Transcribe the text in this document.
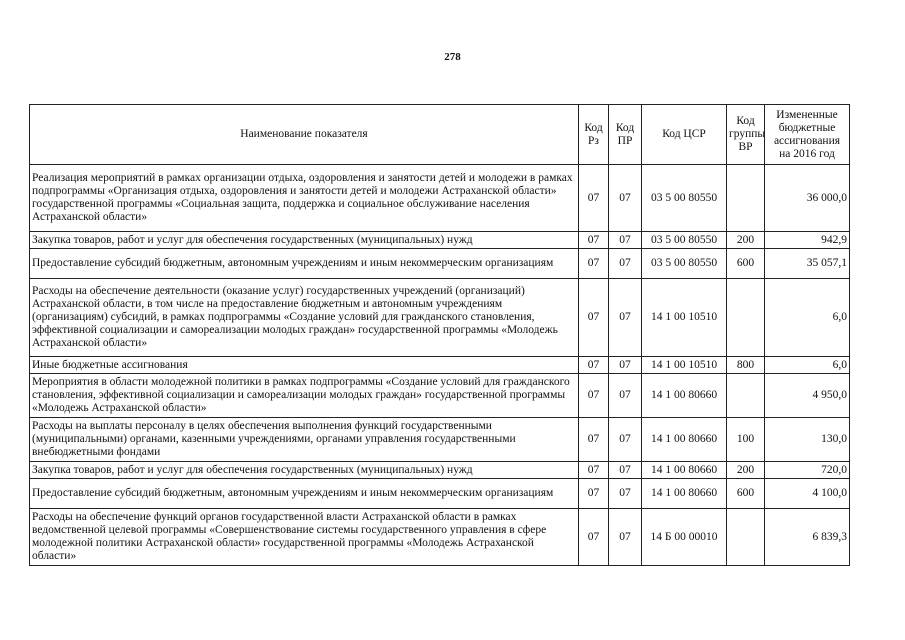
278
Наименование показателя	Код Рз	Код ПР	Код ЦСР	Код группы ВР	Измененные бюджетные ассигнования на 2016 год
Реализация мероприятий в рамках организации отдыха, оздоровления и занятости детей и молодежи в рамках подпрограммы «Организация отдыха, оздоровления и занятости детей и молодежи Астраханской области» государственной программы «Социальная защита, поддержка и социальное обслуживание населения Астраханской области»	07	07	03 5 00 80550		36 000,0
Закупка товаров, работ и услуг для обеспечения государственных (муниципальных) нужд	07	07	03 5 00 80550	200	942,9
Предоставление субсидий бюджетным, автономным учреждениям и иным некоммерческим организациям	07	07	03 5 00 80550	600	35 057,1
Расходы на обеспечение деятельности (оказание услуг) государственных учреждений (организаций) Астраханской области, в том числе на предоставление бюджетным и автономным учреждениям (организациям) субсидий, в рамках подпрограммы «Создание условий для гражданского становления, эффективной социализации и самореализации молодых граждан» государственной программы «Молодежь Астраханской области»	07	07	14 1 00 10510		6,0
Иные бюджетные ассигнования	07	07	14 1 00 10510	800	6,0
Мероприятия в области молодежной политики в рамках подпрограммы «Создание условий для гражданского становления, эффективной социализации и самореализации молодых граждан» государственной программы «Молодежь Астраханской области»	07	07	14 1 00 80660		4 950,0
Расходы на выплаты персоналу в целях обеспечения выполнения функций государственными (муниципальными) органами, казенными учреждениями, органами управления государственными внебюджетными фондами	07	07	14 1 00 80660	100	130,0
Закупка товаров, работ и услуг для обеспечения государственных (муниципальных) нужд	07	07	14 1 00 80660	200	720,0
Предоставление субсидий бюджетным, автономным учреждениям и иным некоммерческим организациям	07	07	14 1 00 80660	600	4 100,0
Расходы на обеспечение функций органов государственной власти Астраханской области в рамках ведомственной целевой программы «Совершенствование системы государственного управления в сфере молодежной политики Астраханской области» государственной программы «Молодежь Астраханской области»	07	07	14 Б 00 00010		6 839,3
